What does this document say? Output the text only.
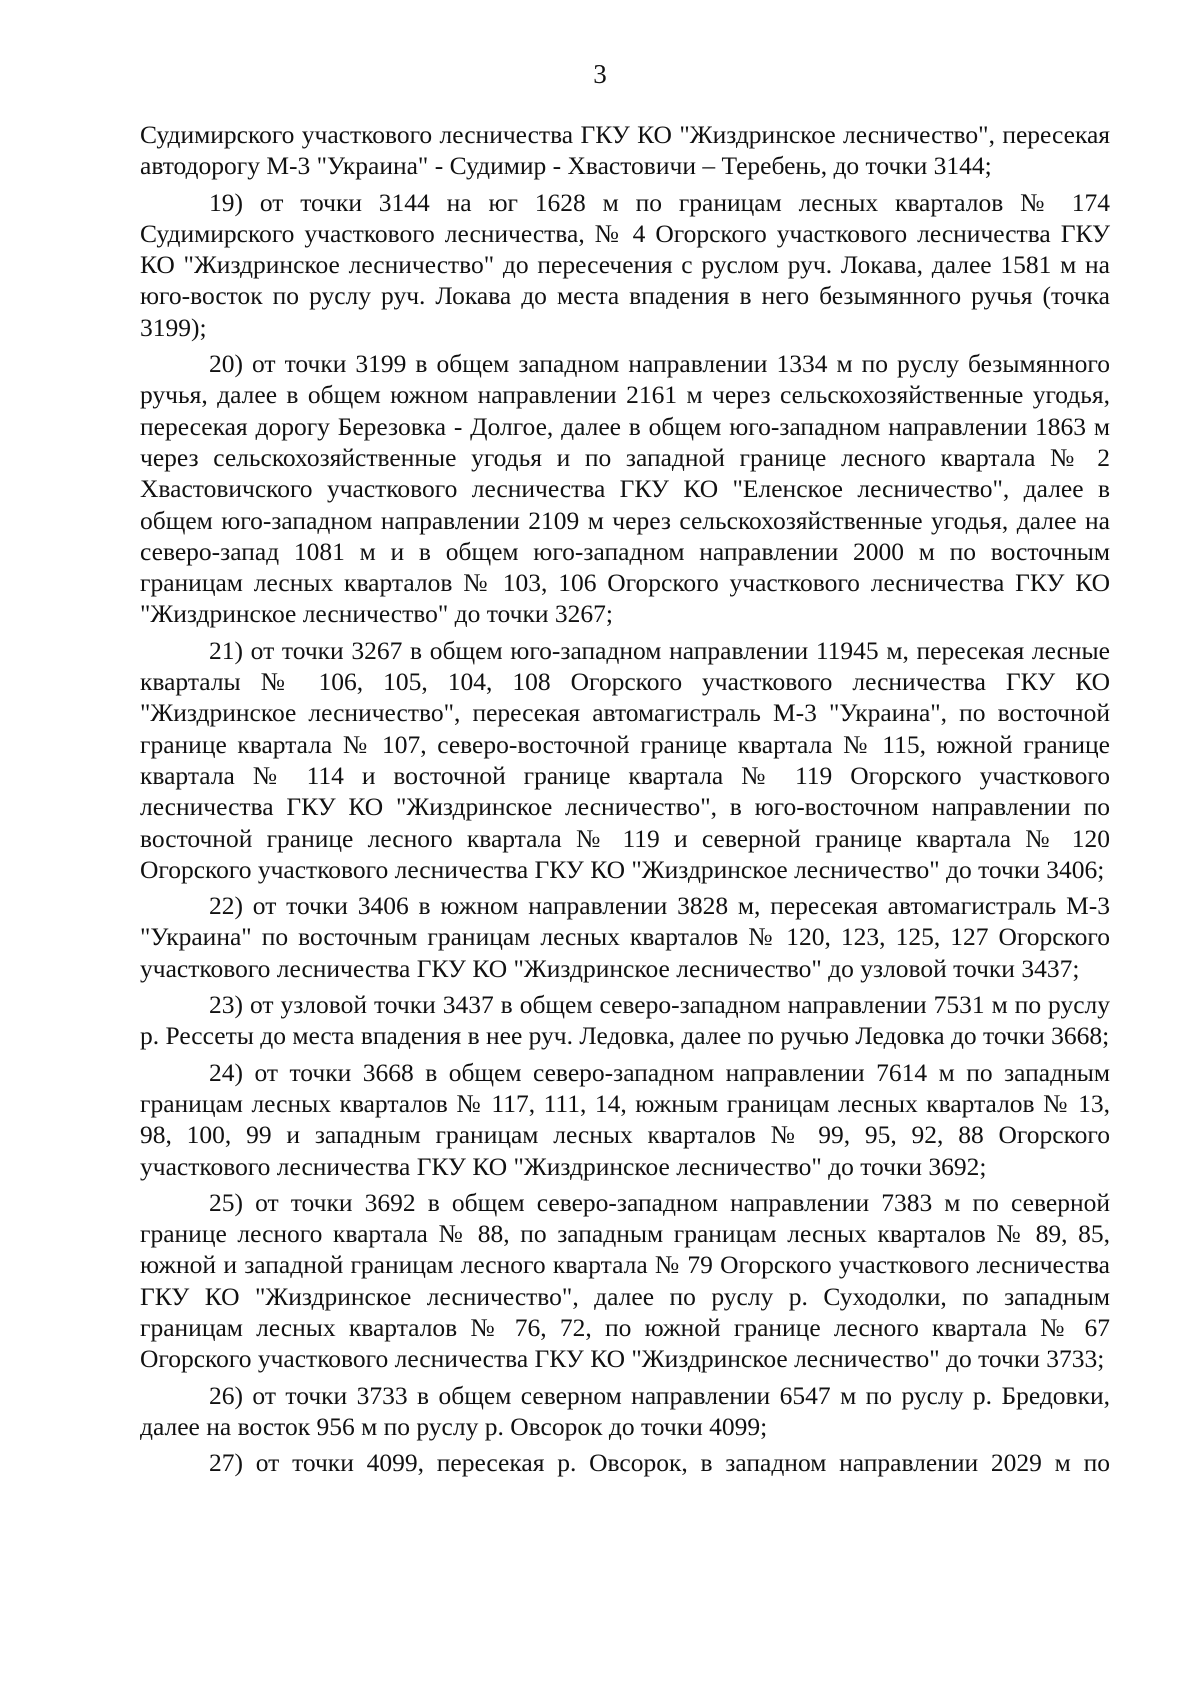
3

Судимирского участкового лесничества ГКУ КО "Жиздринское лесничество", пересекая автодорогу М-3 "Украина" - Судимир - Хвастовичи – Теребень, до точки 3144;

19) от точки 3144 на юг 1628 м по границам лесных кварталов № 174 Судимирского участкового лесничества, № 4 Огорского участкового лесничества ГКУ КО "Жиздринское лесничество" до пересечения с руслом руч. Локава, далее 1581 м на юго-восток по руслу руч. Локава до места впадения в него безымянного ручья (точка 3199);

20) от точки 3199 в общем западном направлении 1334 м по руслу безымянного ручья, далее в общем южном направлении 2161 м через сельскохозяйственные угодья, пересекая дорогу Березовка - Долгое, далее в общем юго-западном направлении 1863 м через сельскохозяйственные угодья и по западной границе лесного квартала № 2 Хвастовичского участкового лесничества ГКУ КО "Еленское лесничество", далее в общем юго-западном направлении 2109 м через сельскохозяйственные угодья, далее на северо-запад 1081 м и в общем юго-западном направлении 2000 м по восточным границам лесных кварталов № 103, 106 Огорского участкового лесничества ГКУ КО "Жиздринское лесничество" до точки 3267;

21) от точки 3267 в общем юго-западном направлении 11945 м, пересекая лесные кварталы № 106, 105, 104, 108 Огорского участкового лесничества ГКУ КО "Жиздринское лесничество", пересекая автомагистраль М-3 "Украина", по восточной границе квартала № 107, северо-восточной границе квартала № 115, южной границе квартала № 114 и восточной границе квартала № 119 Огорского участкового лесничества ГКУ КО "Жиздринское лесничество", в юго-восточном направлении по восточной границе лесного квартала № 119 и северной границе квартала № 120 Огорского участкового лесничества ГКУ КО "Жиздринское лесничество" до точки 3406;

22) от точки 3406 в южном направлении 3828 м, пересекая автомагистраль М-3 "Украина" по восточным границам лесных кварталов № 120, 123, 125, 127 Огорского участкового лесничества ГКУ КО "Жиздринское лесничество" до узловой точки 3437;

23) от узловой точки 3437 в общем северо-западном направлении 7531 м по руслу р. Рессеты до места впадения в нее руч. Ледовка, далее по ручью Ледовка до точки 3668;

24) от точки 3668 в общем северо-западном направлении 7614 м по западным границам лесных кварталов № 117, 111, 14, южным границам лесных кварталов № 13, 98, 100, 99 и западным границам лесных кварталов № 99, 95, 92, 88 Огорского участкового лесничества ГКУ КО "Жиздринское лесничество" до точки 3692;

25) от точки 3692 в общем северо-западном направлении 7383 м по северной границе лесного квартала № 88, по западным границам лесных кварталов № 89, 85, южной и западной границам лесного квартала № 79 Огорского участкового лесничества ГКУ КО "Жиздринское лесничество", далее по руслу р. Суходолки, по западным границам лесных кварталов № 76, 72, по южной границе лесного квартала № 67 Огорского участкового лесничества ГКУ КО "Жиздринское лесничество" до точки 3733;

26) от точки 3733 в общем северном направлении 6547 м по руслу р. Бредовки, далее на восток 956 м по руслу р. Овсорок до точки 4099;

27) от точки 4099, пересекая р. Овсорок, в западном направлении 2029 м по
